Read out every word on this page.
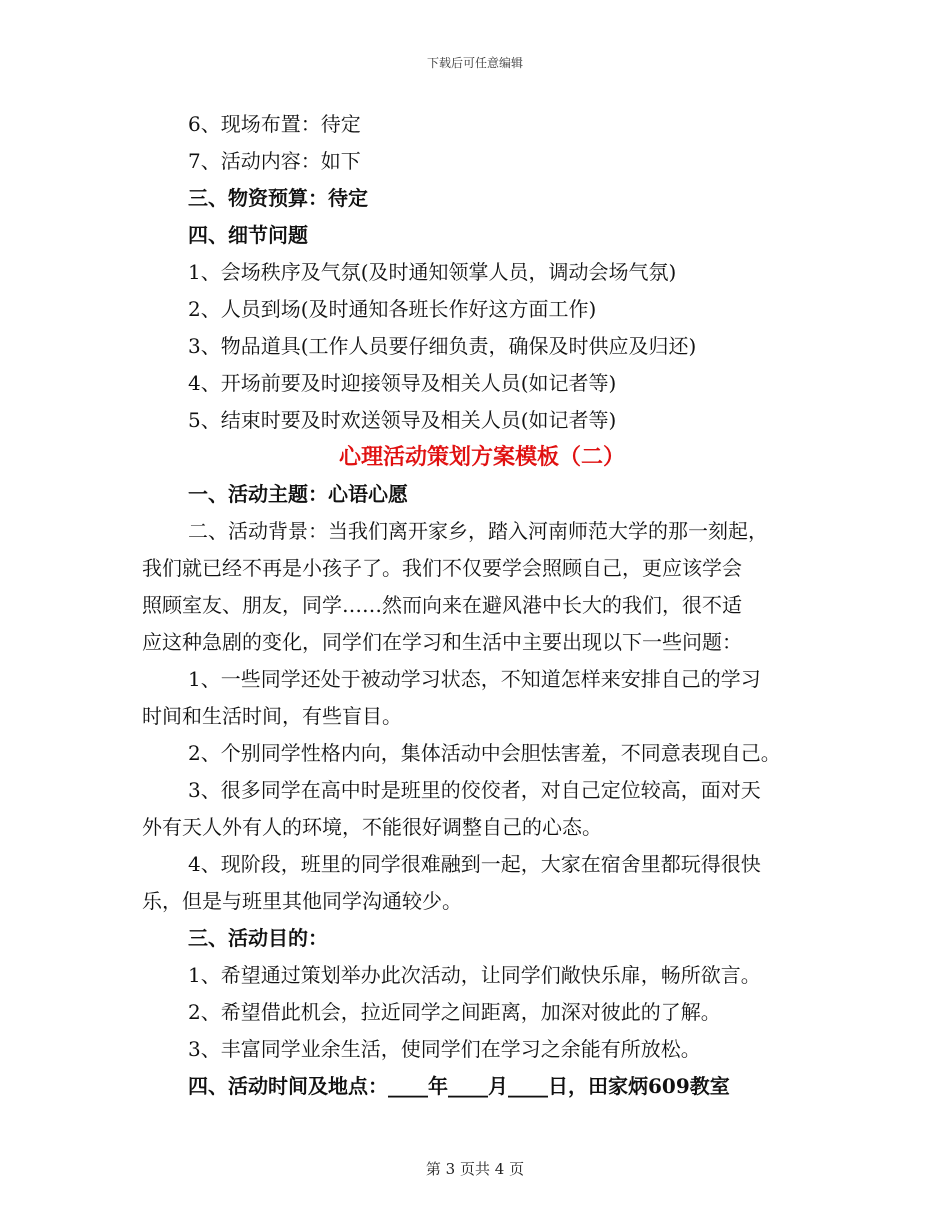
下载后可任意编辑
6、现场布置：待定
7、活动内容：如下
三、物资预算：待定
四、细节问题
1、会场秩序及气氛(及时通知领掌人员，调动会场气氛)
2、人员到场(及时通知各班长作好这方面工作)
3、物品道具(工作人员要仔细负责，确保及时供应及归还)
4、开场前要及时迎接领导及相关人员(如记者等)
5、结束时要及时欢送领导及相关人员(如记者等)
心理活动策划方案模板（二）
一、活动主题：心语心愿
二、活动背景：当我们离开家乡，踏入河南师范大学的那一刻起，
我们就已经不再是小孩子了。我们不仅要学会照顾自己，更应该学会
照顾室友、朋友，同学……然而向来在避风港中长大的我们，很不适
应这种急剧的变化，同学们在学习和生活中主要出现以下一些问题：
1、一些同学还处于被动学习状态，不知道怎样来安排自己的学习
时间和生活时间，有些盲目。
2、个别同学性格内向，集体活动中会胆怯害羞，不同意表现自己。
3、很多同学在高中时是班里的佼佼者，对自己定位较高，面对天
外有天人外有人的环境，不能很好调整自己的心态。
4、现阶段，班里的同学很难融到一起，大家在宿舍里都玩得很快
乐，但是与班里其他同学沟通较少。
三、活动目的：
1、希望通过策划举办此次活动，让同学们敞快乐扉，畅所欲言。
2、希望借此机会，拉近同学之间距离，加深对彼此的了解。
3、丰富同学业余生活，使同学们在学习之余能有所放松。
四、活动时间及地点：____年____月____日，田家炳609教室
第 3 页共 4 页
